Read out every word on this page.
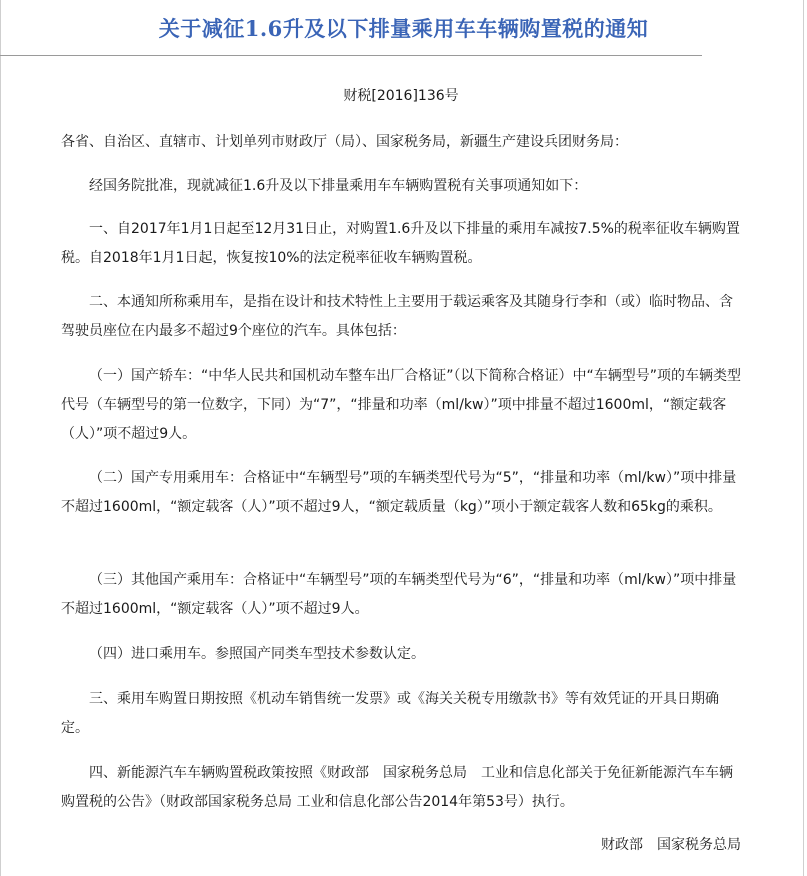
关于减征1.6升及以下排量乘用车车辆购置税的通知
财税[2016]136号

各省、自治区、直辖市、计划单列市财政厅（局）、国家税务局，新疆生产建设兵团财务局：

经国务院批准，现就减征1.6升及以下排量乘用车车辆购置税有关事项通知如下：

一、自2017年1月1日起至12月31日止，对购置1.6升及以下排量的乘用车减按7.5%的税率征收车辆购置税。自2018年1月1日起，恢复按10%的法定税率征收车辆购置税。

二、本通知所称乘用车，是指在设计和技术特性上主要用于载运乘客及其随身行李和（或）临时物品、含驾驶员座位在内最多不超过9个座位的汽车。具体包括：

（一）国产轿车：“中华人民共和国机动车整车出厂合格证”（以下简称合格证）中“车辆型号”项的车辆类型代号（车辆型号的第一位数字，下同）为“7”，“排量和功率（ml/kw）”项中排量不超过1600ml，“额定载客（人）”项不超过9人。

（二）国产专用乘用车：合格证中“车辆型号”项的车辆类型代号为“5”，“排量和功率（ml/kw）”项中排量不超过1600ml，“额定载客（人）”项不超过9人，“额定载质量（kg）”项小于额定载客人数和65kg的乘积。

（三）其他国产乘用车：合格证中“车辆型号”项的车辆类型代号为“6”，“排量和功率（ml/kw）”项中排量不超过1600ml，“额定载客（人）”项不超过9人。

（四）进口乘用车。参照国产同类车型技术参数认定。

三、乘用车购置日期按照《机动车销售统一发票》或《海关关税专用缴款书》等有效凭证的开具日期确定。

四、新能源汽车车辆购置税政策按照《财政部　国家税务总局　工业和信息化部关于免征新能源汽车车辆购置税的公告》（财政部国家税务总局 工业和信息化部公告2014年第53号）执行。

财政部　国家税务总局
